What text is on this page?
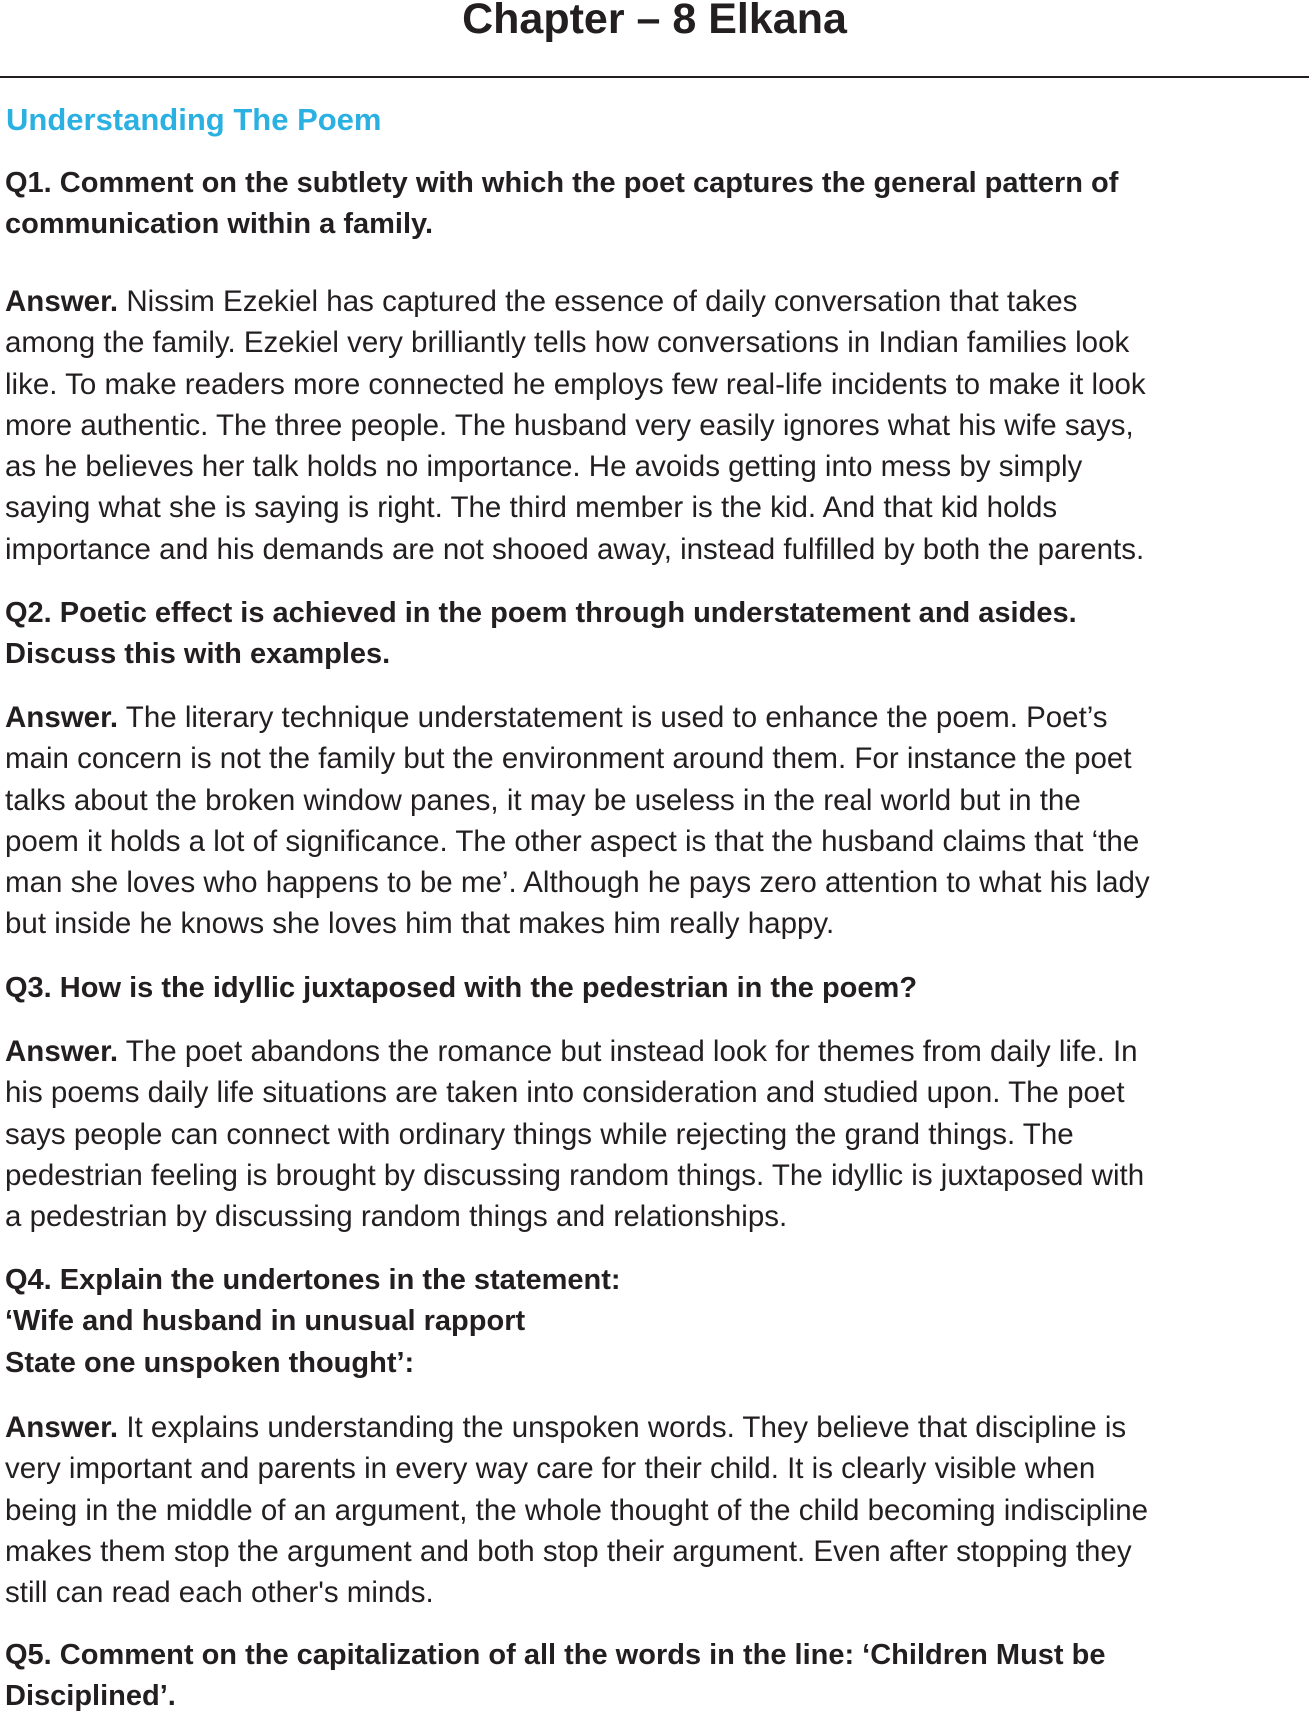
Chapter – 8 Elkana
Understanding The Poem
Q1. Comment on the subtlety with which the poet captures the general pattern of
communication within a family.
Answer. Nissim Ezekiel has captured the essence of daily conversation that takes
among the family. Ezekiel very brilliantly tells how conversations in Indian families look
like. To make readers more connected he employs few real-life incidents to make it look
more authentic. The three people. The husband very easily ignores what his wife says,
as he believes her talk holds no importance. He avoids getting into mess by simply
saying what she is saying is right. The third member is the kid. And that kid holds
importance and his demands are not shooed away, instead fulfilled by both the parents.
Q2. Poetic effect is achieved in the poem through understatement and asides.
Discuss this with examples.
Answer. The literary technique understatement is used to enhance the poem. Poet’s
main concern is not the family but the environment around them. For instance the poet
talks about the broken window panes, it may be useless in the real world but in the
poem it holds a lot of significance. The other aspect is that the husband claims that ‘the
man she loves who happens to be me’. Although he pays zero attention to what his lady
but inside he knows she loves him that makes him really happy.
Q3. How is the idyllic juxtaposed with the pedestrian in the poem?
Answer. The poet abandons the romance but instead look for themes from daily life. In
his poems daily life situations are taken into consideration and studied upon. The poet
says people can connect with ordinary things while rejecting the grand things. The
pedestrian feeling is brought by discussing random things. The idyllic is juxtaposed with
a pedestrian by discussing random things and relationships.
Q4. Explain the undertones in the statement:
‘Wife and husband in unusual rapport
State one unspoken thought’:
Answer. It explains understanding the unspoken words. They believe that discipline is
very important and parents in every way care for their child. It is clearly visible when
being in the middle of an argument, the whole thought of the child becoming indiscipline
makes them stop the argument and both stop their argument. Even after stopping they
still can read each other's minds.
Q5. Comment on the capitalization of all the words in the line: ‘Children Must be
Disciplined’.
